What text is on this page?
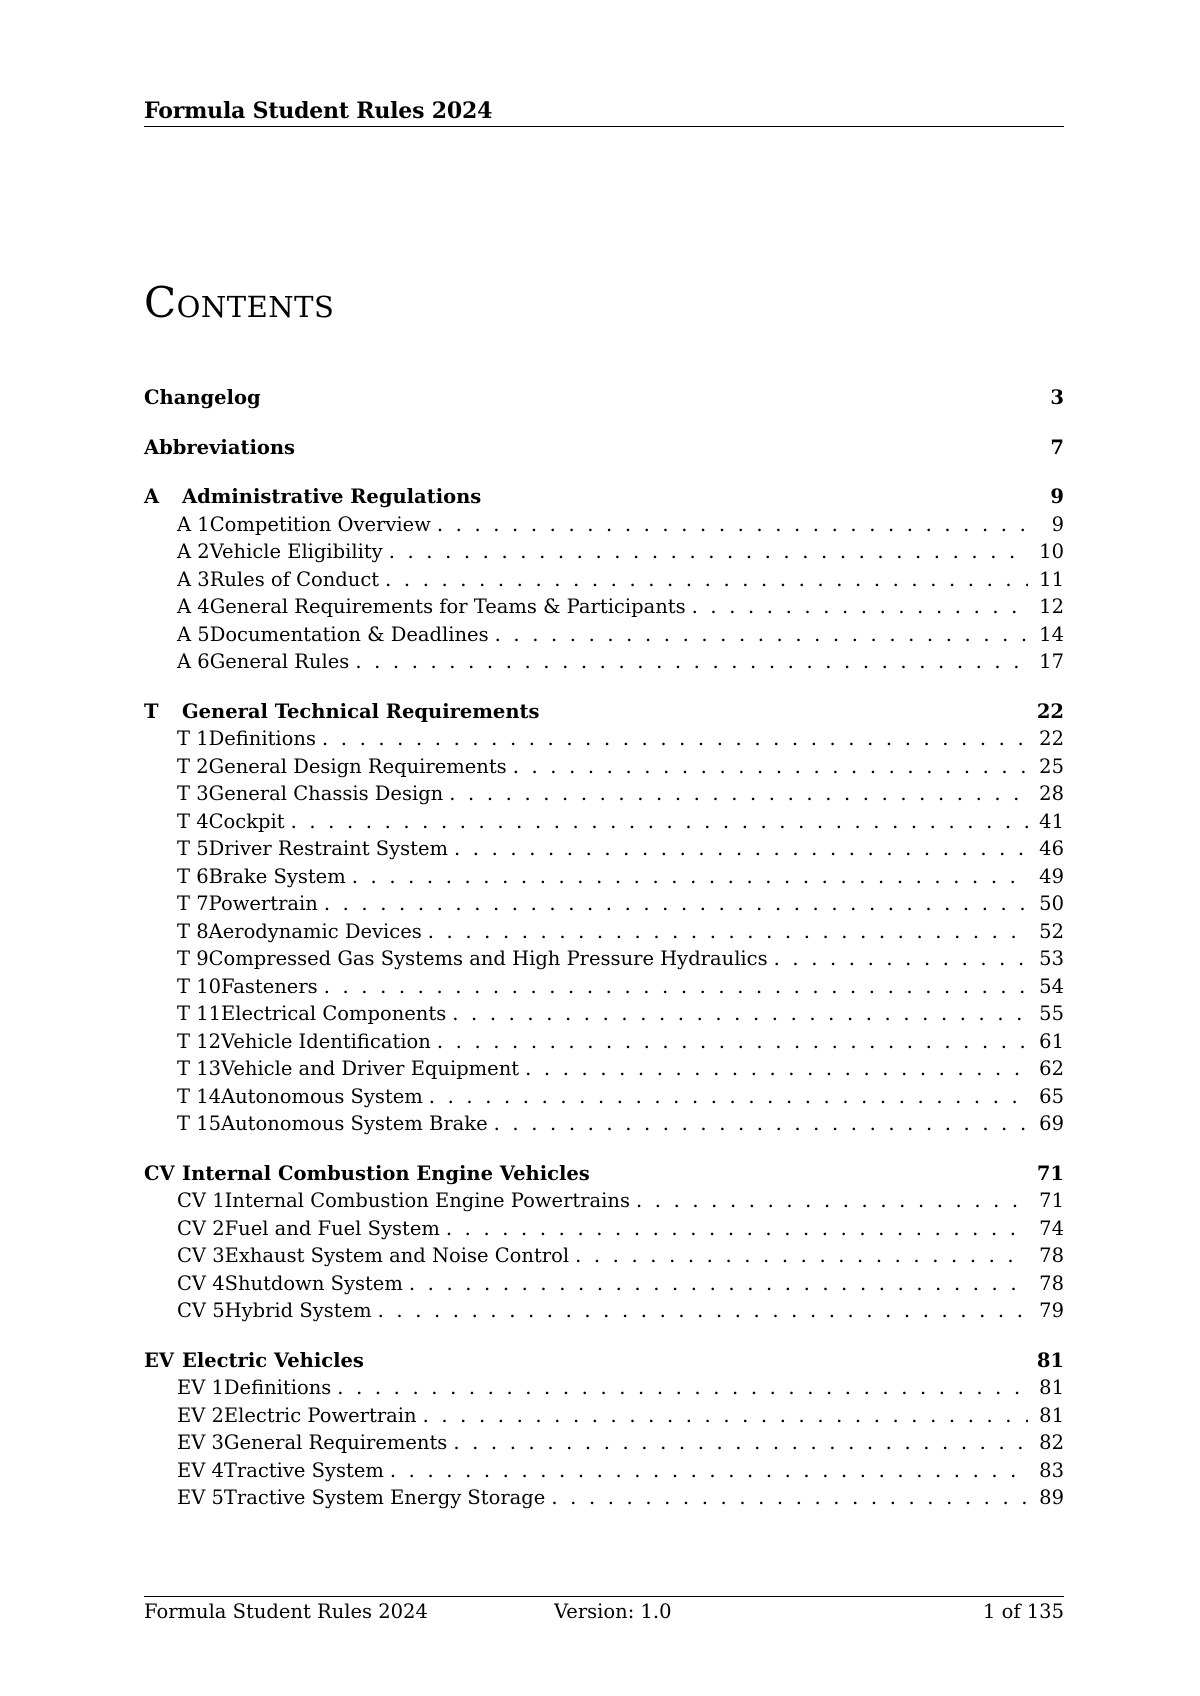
Formula Student Rules 2024
Contents
Changelog	3
Abbreviations	7
A	Administrative Regulations	9
A 1 Competition Overview . . .	9
A 2 Vehicle Eligibility . . .	10
A 3 Rules of Conduct . . .	11
A 4 General Requirements for Teams & Participants . . .	12
A 5 Documentation & Deadlines . . .	14
A 6 General Rules . . .	17
T	General Technical Requirements	22
T 1 Definitions . . .	22
T 2 General Design Requirements . . .	25
T 3 General Chassis Design . . .	28
T 4 Cockpit . . .	41
T 5 Driver Restraint System . . .	46
T 6 Brake System . . .	49
T 7 Powertrain . . .	50
T 8 Aerodynamic Devices . . .	52
T 9 Compressed Gas Systems and High Pressure Hydraulics . . .	53
T 10 Fasteners . . .	54
T 11 Electrical Components . . .	55
T 12 Vehicle Identification . . .	61
T 13 Vehicle and Driver Equipment . . .	62
T 14 Autonomous System . . .	65
T 15 Autonomous System Brake . . .	69
CV Internal Combustion Engine Vehicles	71
CV 1 Internal Combustion Engine Powertrains . . .	71
CV 2 Fuel and Fuel System . . .	74
CV 3 Exhaust System and Noise Control . . .	78
CV 4 Shutdown System . . .	78
CV 5 Hybrid System . . .	79
EV Electric Vehicles	81
EV 1 Definitions . . .	81
EV 2 Electric Powertrain . . .	81
EV 3 General Requirements . . .	82
EV 4 Tractive System . . .	83
EV 5 Tractive System Energy Storage . . .	89
Formula Student Rules 2024	Version: 1.0	1 of 135
